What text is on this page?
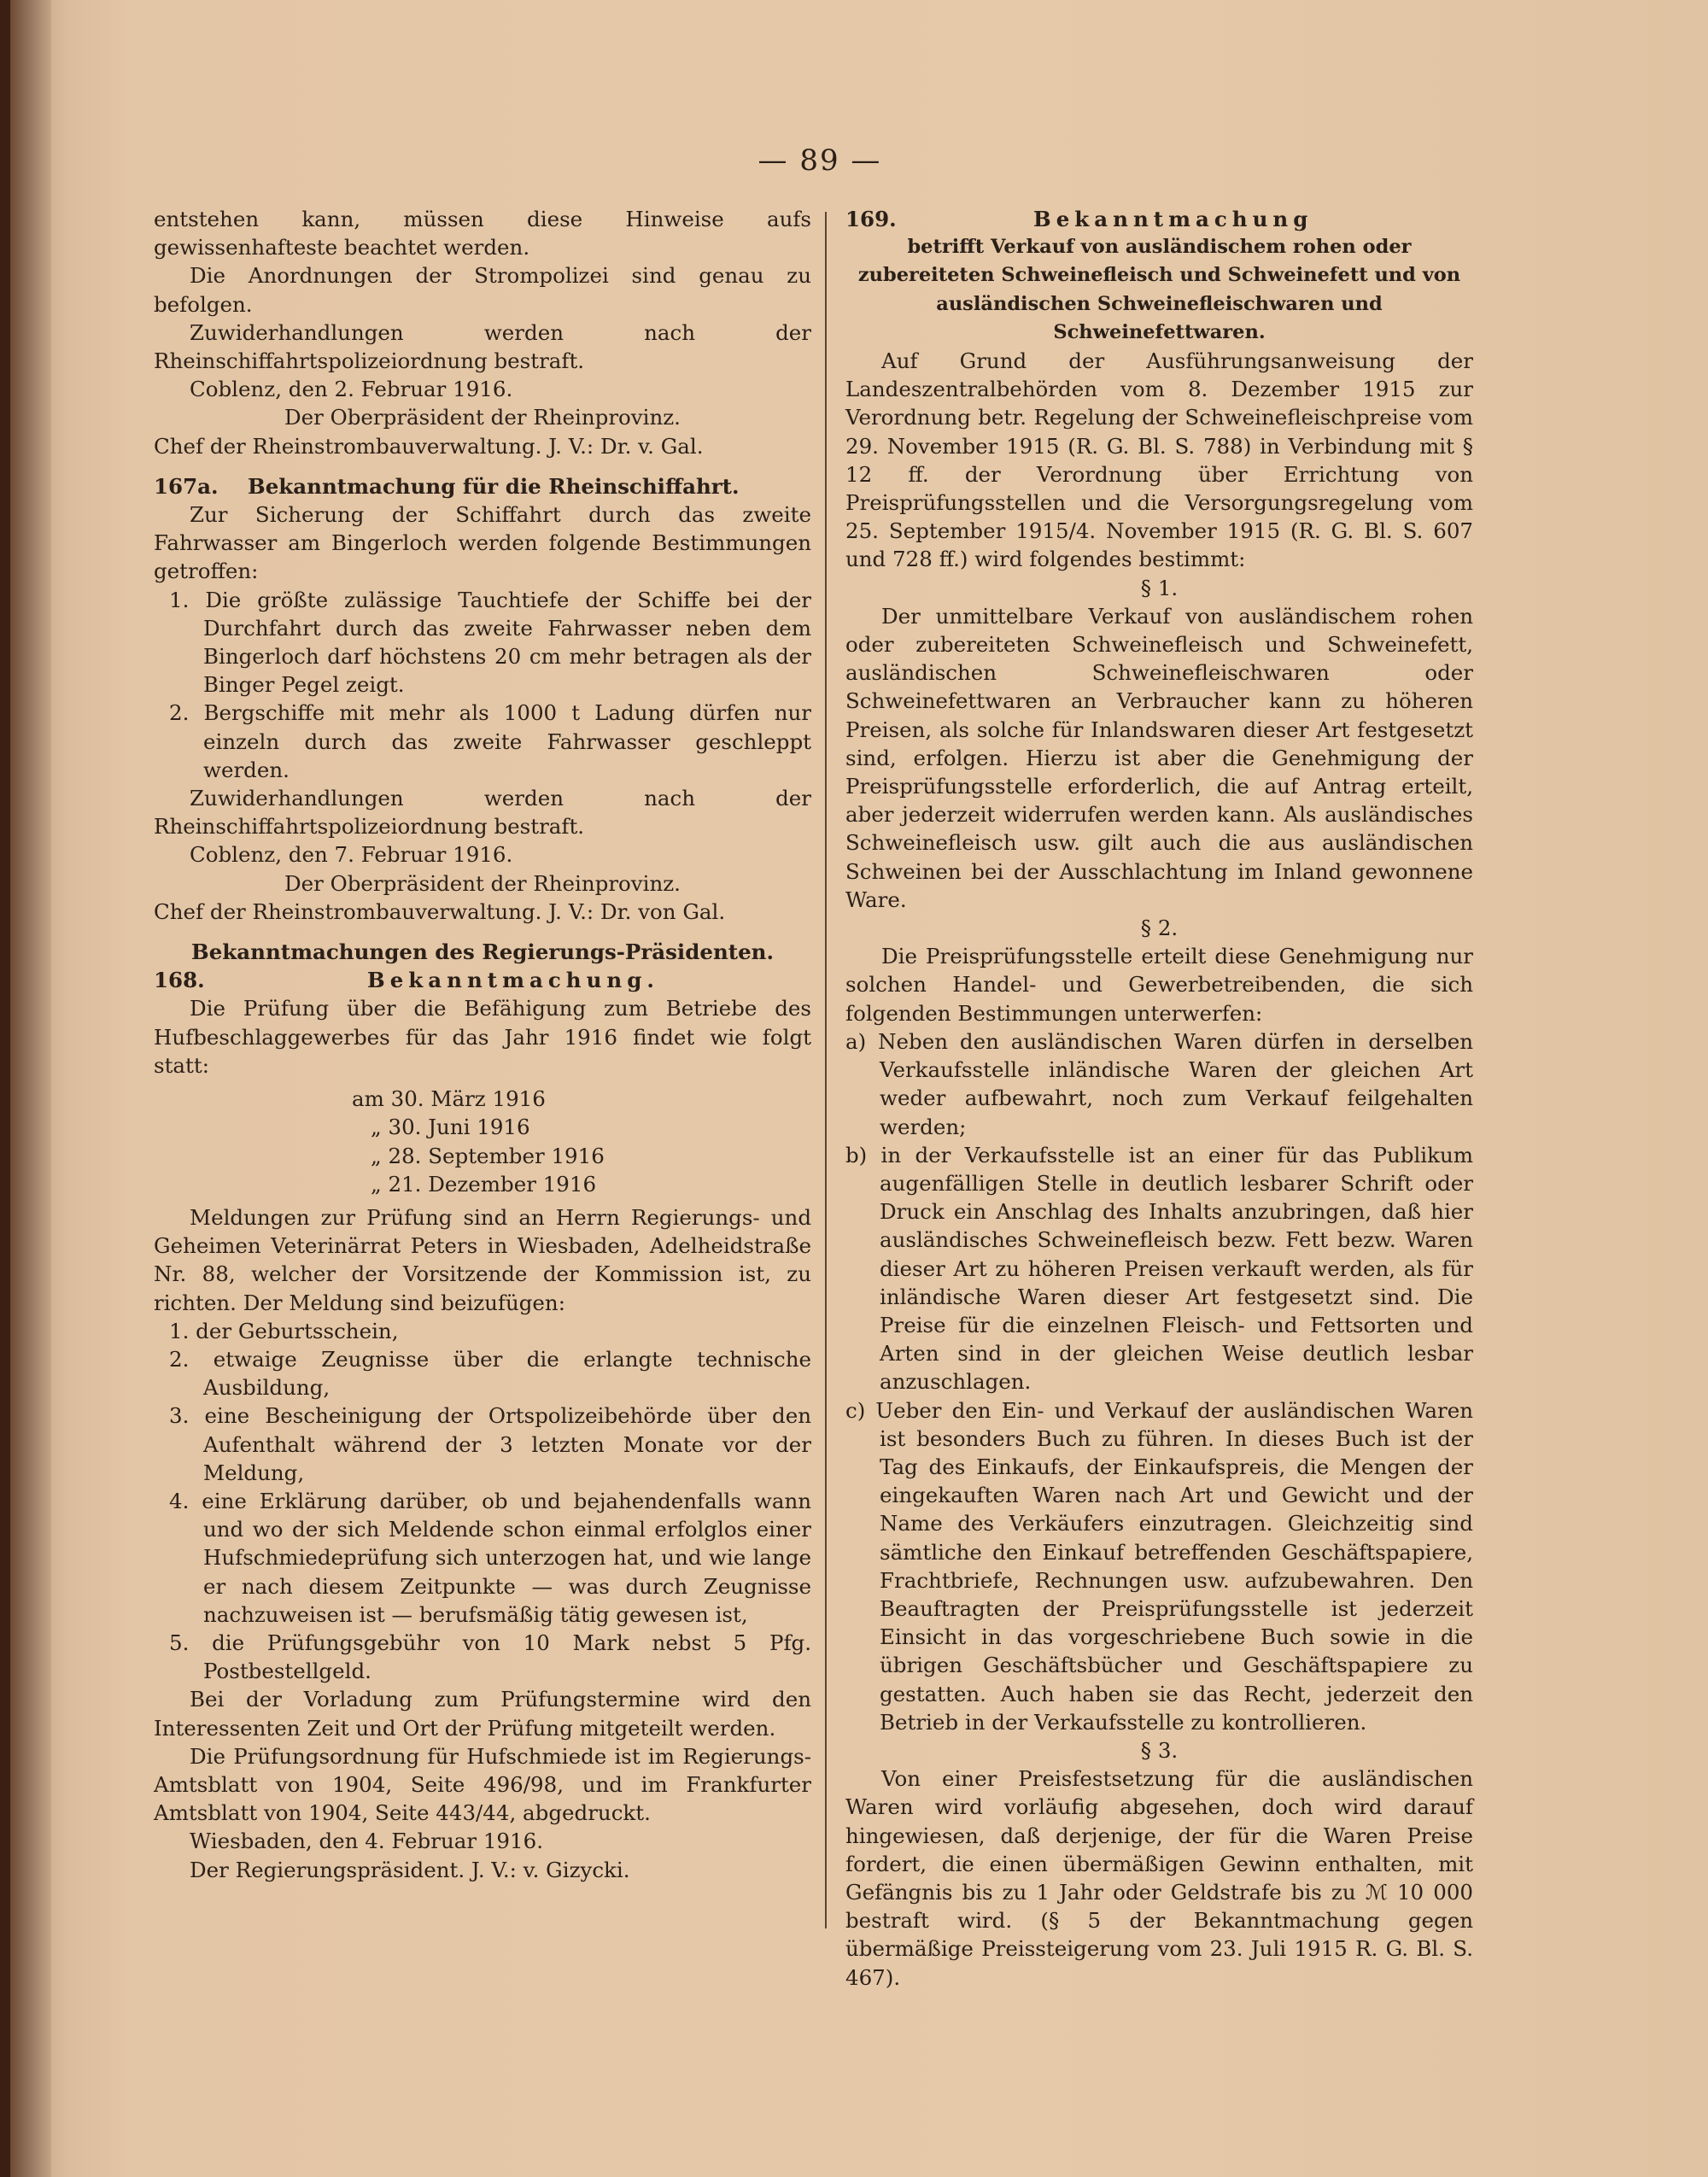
— 89 —

entstehen kann, müssen diese Hinweise aufs gewissenhafteste beachtet werden.

Die Anordnungen der Strompolizei sind genau zu befolgen.

Zuwiderhandlungen werden nach der Rheinschiffahrtspolizeiordnung bestraft.

Coblenz, den 2. Februar 1916.

Der Oberpräsident der Rheinprovinz.

Chef der Rheinstrombauverwaltung. J. V.: Dr. v. Gal.

167a. Bekanntmachung für die Rheinschiffahrt.

Zur Sicherung der Schiffahrt durch das zweite Fahrwasser am Bingerloch werden folgende Bestimmungen getroffen:

1. Die größte zulässige Tauchtiefe der Schiffe bei der Durchfahrt durch das zweite Fahrwasser neben dem Bingerloch darf höchstens 20 cm mehr betragen als der Binger Pegel zeigt.

2. Bergschiffe mit mehr als 1000 t Ladung dürfen nur einzeln durch das zweite Fahrwasser geschleppt werden.

Zuwiderhandlungen werden nach der Rheinschiffahrtspolizeiordnung bestraft.

Coblenz, den 7. Februar 1916.

Der Oberpräsident der Rheinprovinz.

Chef der Rheinstrombauverwaltung. J. V.: Dr. von Gal.

Bekanntmachungen des Regierungs-Präsidenten.

168.	Bekanntmachung.

Die Prüfung über die Befähigung zum Betriebe des Hufbeschlaggewerbes für das Jahr 1916 findet wie folgt statt:

am 30. März 1916
„ 30. Juni 1916
„ 28. September 1916
„ 21. Dezember 1916

Meldungen zur Prüfung sind an Herrn Regierungs- und Geheimen Veterinärrat Peters in Wiesbaden, Adelheidstraße Nr. 88, welcher der Vorsitzende der Kommission ist, zu richten. Der Meldung sind beizufügen:

1. der Geburtsschein,

2. etwaige Zeugnisse über die erlangte technische Ausbildung,

3. eine Bescheinigung der Ortspolizeibehörde über den Aufenthalt während der 3 letzten Monate vor der Meldung,

4. eine Erklärung darüber, ob und bejahendenfalls wann und wo der sich Meldende schon einmal erfolglos einer Hufschmiedeprüfung sich unterzogen hat, und wie lange er nach diesem Zeitpunkte — was durch Zeugnisse nachzuweisen ist — berufsmäßig tätig gewesen ist,

5. die Prüfungsgebühr von 10 Mark nebst 5 Pfg. Postbestellgeld.

Bei der Vorladung zum Prüfungstermine wird den Interessenten Zeit und Ort der Prüfung mitgeteilt werden.

Die Prüfungsordnung für Hufschmiede ist im Regierungs-Amtsblatt von 1904, Seite 496/98, und im Frankfurter Amtsblatt von 1904, Seite 443/44, abgedruckt.

Wiesbaden, den 4. Februar 1916.

Der Regierungspräsident. J. V.: v. Gizycki.

169.	Bekanntmachung

betrifft Verkauf von ausländischem rohen oder zubereiteten Schweinefleisch und Schweinefett und von ausländischen Schweinefleischwaren und Schweinefettwaren.

Auf Grund der Ausführungsanweisung der Landeszentralbehörden vom 8. Dezember 1915 zur Verordnung betr. Regelung der Schweinefleischpreise vom 29. November 1915 (R. G. Bl. S. 788) in Verbindung mit § 12 ff. der Verordnung über Errichtung von Preisprüfungsstellen und die Versorgungsregelung vom 25. September 1915/4. November 1915 (R. G. Bl. S. 607 und 728 ff.) wird folgendes bestimmt:

§ 1.

Der unmittelbare Verkauf von ausländischem rohen oder zubereiteten Schweinefleisch und Schweinefett, ausländischen Schweinefleischwaren oder Schweinefettwaren an Verbraucher kann zu höheren Preisen, als solche für Inlandswaren dieser Art festgesetzt sind, erfolgen. Hierzu ist aber die Genehmigung der Preisprüfungsstelle erforderlich, die auf Antrag erteilt, aber jederzeit widerrufen werden kann. Als ausländisches Schweinefleisch usw. gilt auch die aus ausländischen Schweinen bei der Ausschlachtung im Inland gewonnene Ware.

§ 2.

Die Preisprüfungsstelle erteilt diese Genehmigung nur solchen Handel- und Gewerbetreibenden, die sich folgenden Bestimmungen unterwerfen:

a) Neben den ausländischen Waren dürfen in derselben Verkaufsstelle inländische Waren der gleichen Art weder aufbewahrt, noch zum Verkauf feilgehalten werden;

b) in der Verkaufsstelle ist an einer für das Publikum augenfälligen Stelle in deutlich lesbarer Schrift oder Druck ein Anschlag des Inhalts anzubringen, daß hier ausländisches Schweinefleisch bezw. Fett bezw. Waren dieser Art zu höheren Preisen verkauft werden, als für inländische Waren dieser Art festgesetzt sind. Die Preise für die einzelnen Fleisch- und Fettsorten und Arten sind in der gleichen Weise deutlich lesbar anzuschlagen.

c) Ueber den Ein- und Verkauf der ausländischen Waren ist besonders Buch zu führen. In dieses Buch ist der Tag des Einkaufs, der Einkaufspreis, die Mengen der eingekauften Waren nach Art und Gewicht und der Name des Verkäufers einzutragen. Gleichzeitig sind sämtliche den Einkauf betreffenden Geschäftspapiere, Frachtbriefe, Rechnungen usw. aufzubewahren. Den Beauftragten der Preisprüfungsstelle ist jederzeit Einsicht in das vorgeschriebene Buch sowie in die übrigen Geschäftsbücher und Geschäftspapiere zu gestatten. Auch haben sie das Recht, jederzeit den Betrieb in der Verkaufsstelle zu kontrollieren.

§ 3.

Von einer Preisfestsetzung für die ausländischen Waren wird vorläufig abgesehen, doch wird darauf hingewiesen, daß derjenige, der für die Waren Preise fordert, die einen übermäßigen Gewinn enthalten, mit Gefängnis bis zu 1 Jahr oder Geldstrafe bis zu ℳ 10 000 bestraft wird. (§ 5 der Bekanntmachung gegen übermäßige Preissteigerung vom 23. Juli 1915 R. G. Bl. S. 467).
